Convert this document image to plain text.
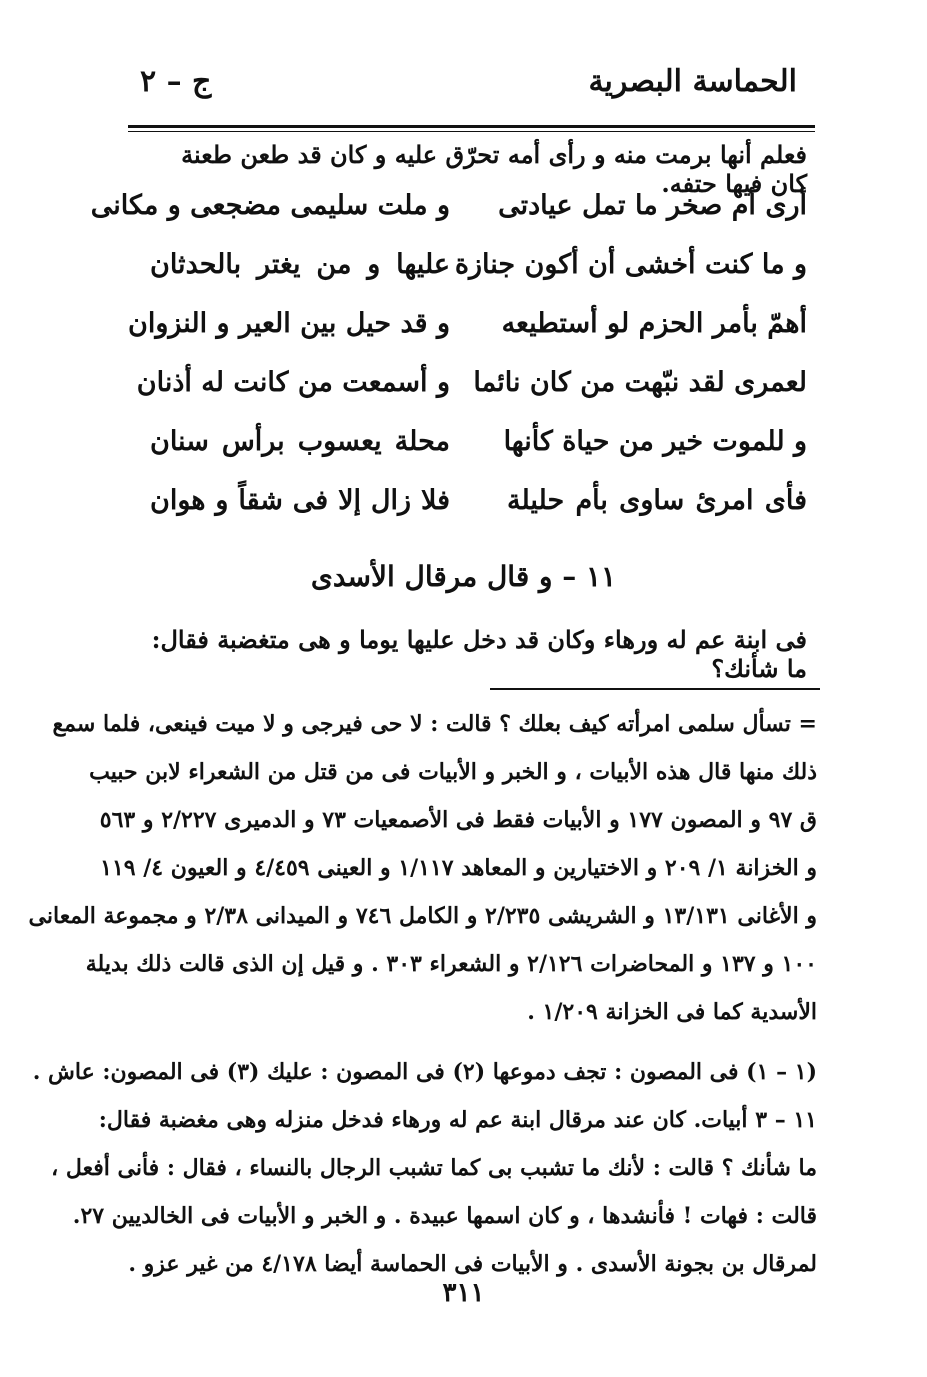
الحماسة البصرية
ج – ٢
فعلم أنها برمت منه و رأى أمه تحرّق عليه و كان قد طعن طعنة كان فيها حتفه.
أرى أم صخر ما تمل عيادتى
و ملت سليمى مضجعى و مكانى
و ما كنت أخشى أن أكون جنازة
عليها و من يغتر بالحدثان
أهمّ بأمر الحزم لو أستطيعه
و قد حيل بين العير و النزوان
لعمرى لقد نبّهت من كان نائما
و أسمعت من كانت له أذنان
و للموت خير من حياة كأنها
محلة يعسوب برأس سنان
فأى امرئ ساوى بأم حليلة
فلا زال إلا فى شقاً و هوان
١١ – و قال مرقال الأسدى
فى ابنة عم له ورهاء وكان قد دخل عليها يوما و هى متغضبة فقال: ما شأنك؟
= تسأل سلمى امرأته كيف بعلك ؟ قالت : لا حى فيرجى و لا ميت فينعى، فلما سمع
ذلك منها قال هذه الأبيات ، و الخبر و الأبيات فى من قتل من الشعراء لابن حبيب
ق ٩٧ و المصون ١٧٧ و الأبيات فقط فى الأصمعيات ٧٣ و الدميرى ٢/٢٢٧ و ٥٦٣
و الخزانة ١/ ٢٠٩ و الاختيارين و المعاهد ١/١١٧ و العينى ٤/٤٥٩ و العيون ٤/ ١١٩
و الأغانى ١٣/١٣١ و الشريشى ٢/٢٣٥ و الكامل ٧٤٦ و الميدانى ٢/٣٨ و مجموعة المعانى
١٠٠ و ١٣٧ و المحاضرات ٢/١٢٦ و الشعراء ٣٠٣ . و قيل إن الذى قالت ذلك بديلة
الأسدية كما فى الخزانة ١/٢٠٩ .
(١ – ١) فى المصون : تجف دموعها (٢) فى المصون : عليك (٣) فى المصون: عاش .
١١ – ٣ أبيات. كان عند مرقال ابنة عم له ورهاء فدخل منزله وهى مغضبة فقال:
ما شأنك ؟ قالت : لأنك ما تشبب بى كما تشبب الرجال بالنساء ، فقال : فأنى أفعل ،
قالت : فهات ! فأنشدها ، و كان اسمها عبيدة . و الخبر و الأبيات فى الخالديين ٢٧.
لمرقال بن بجونة الأسدى . و الأبيات فى الحماسة أيضا ٤/١٧٨ من غير عزو .
٣١١
